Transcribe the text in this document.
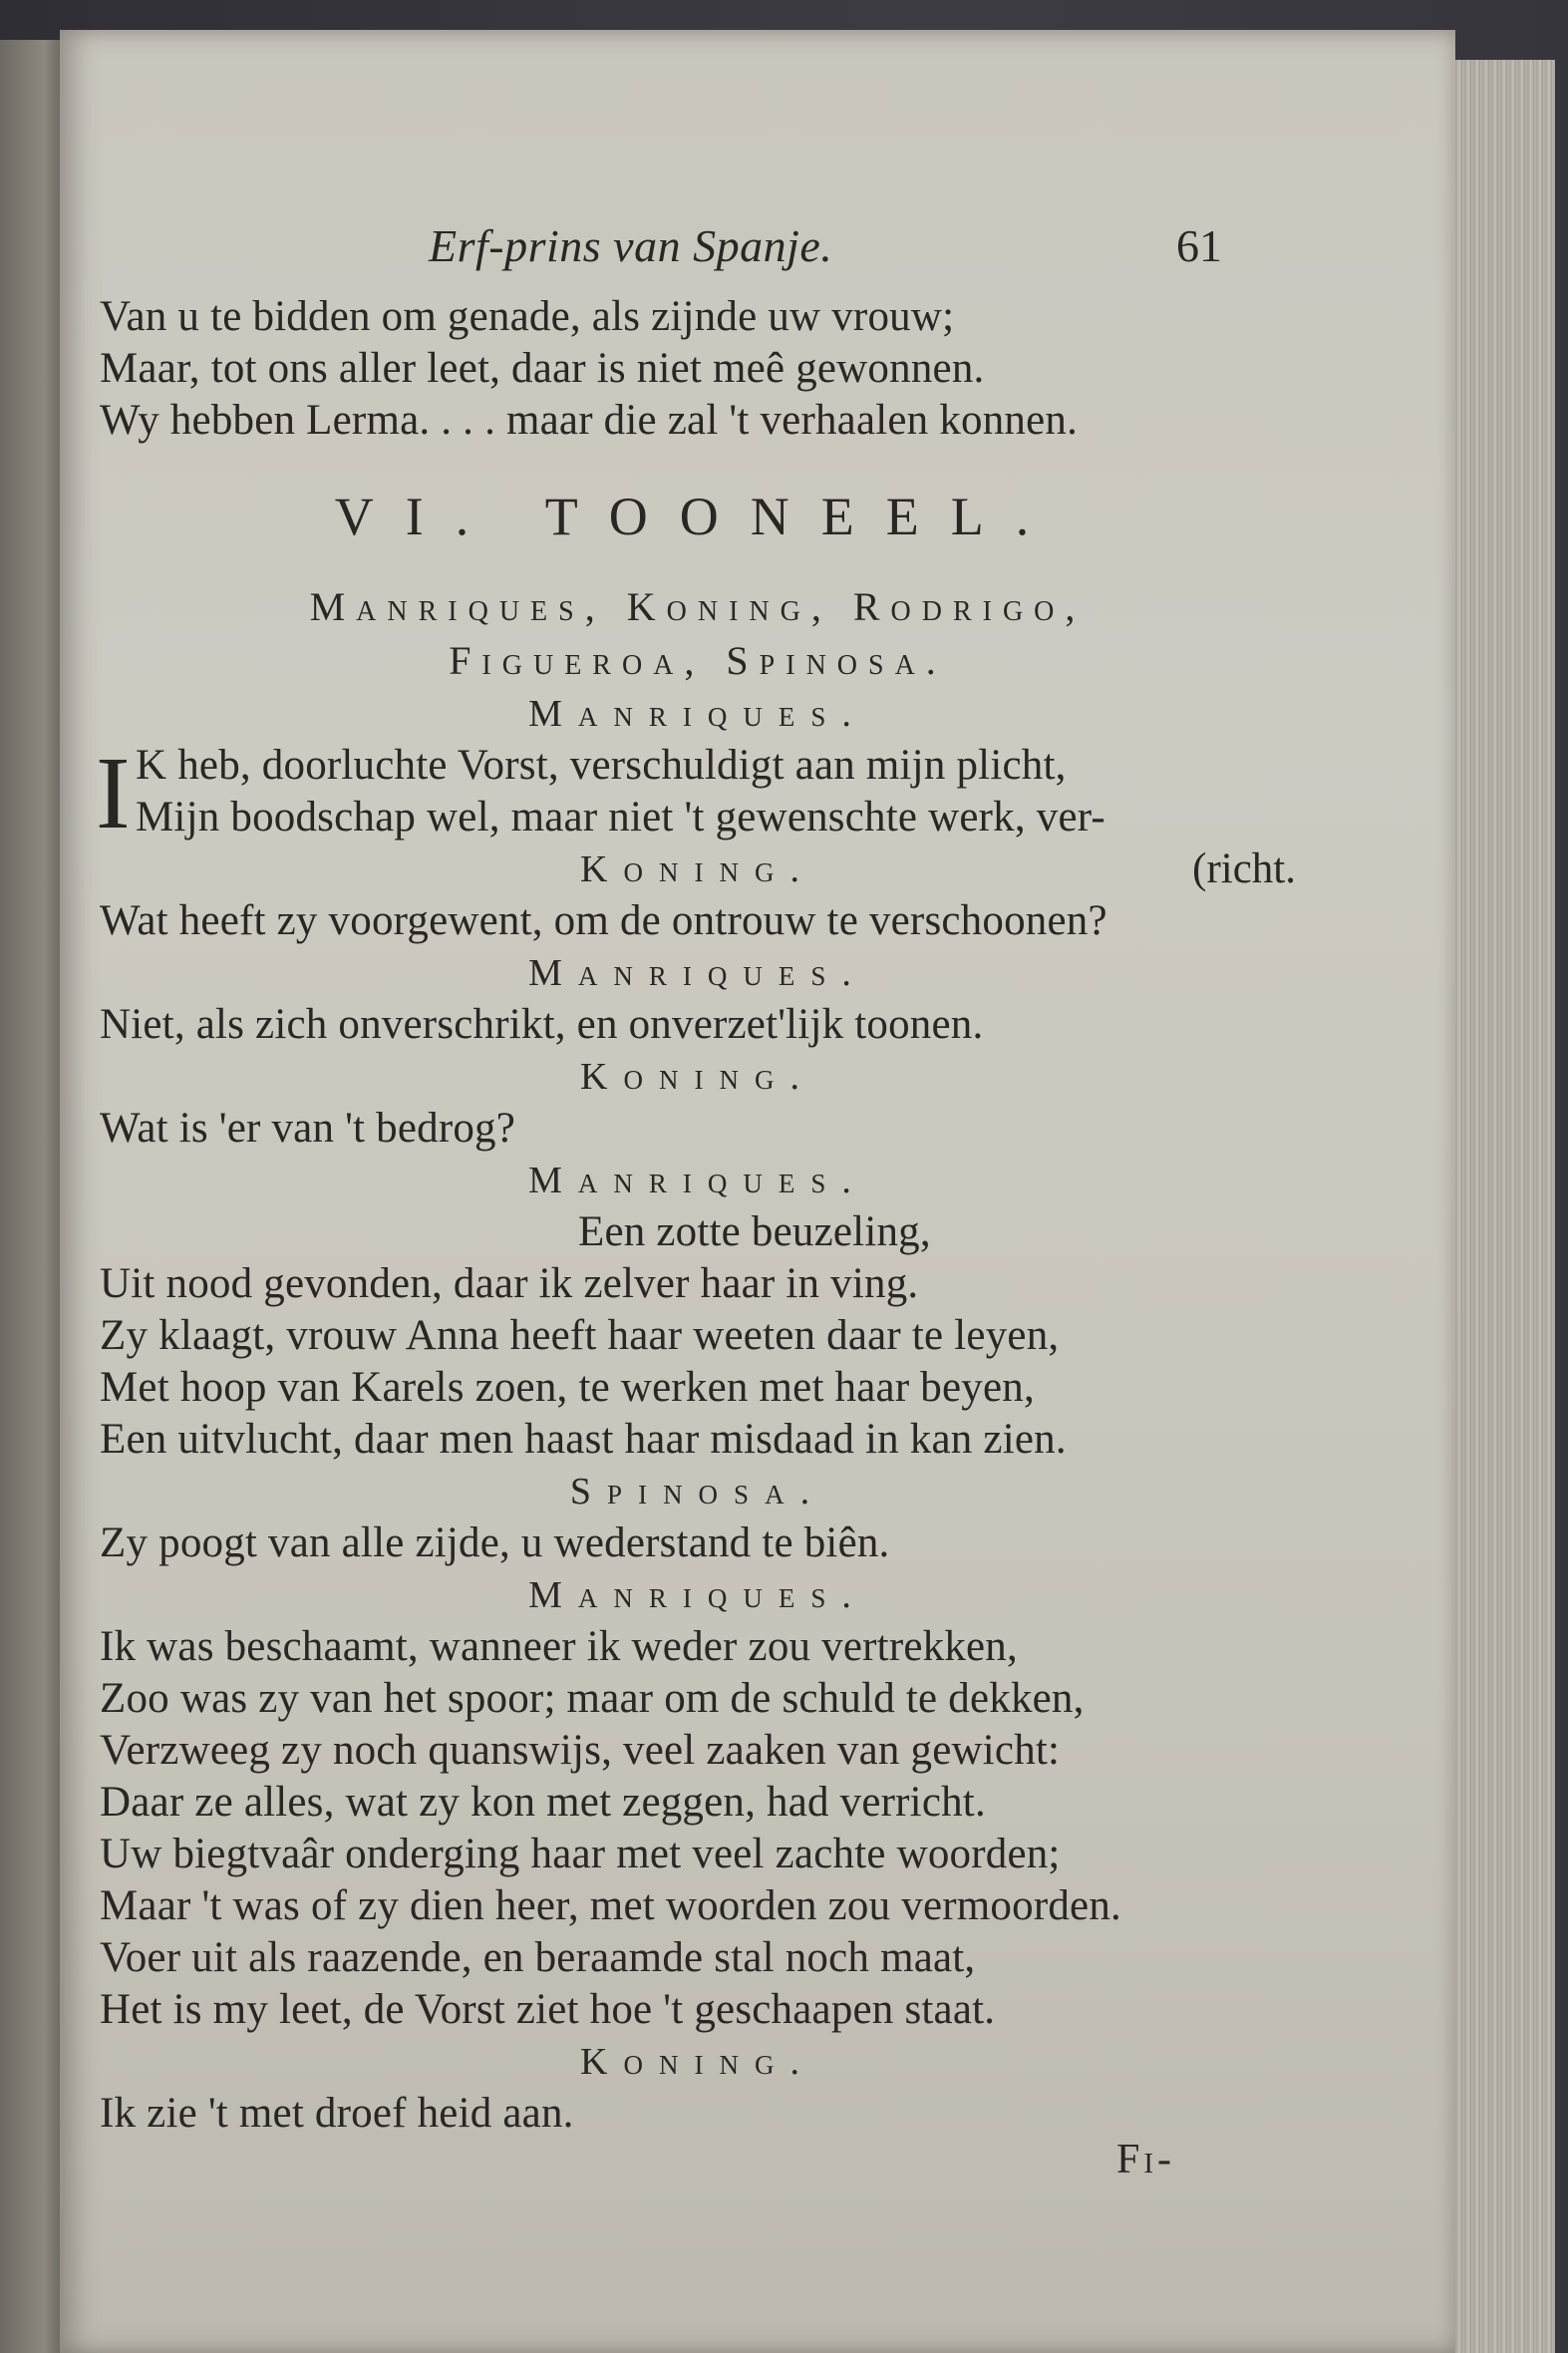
Erf-prins van Spanje.	61
Van u te bidden om genade, als zijnde uw vrouw;
Maar, tot ons aller leet, daar is niet meê gewonnen.
Wy hebben Lerma. . . . maar die zal 't verhaalen konnen.
VI. TOONEEL.
Manriques, Koning, Rodrigo,
Figueroa, Spinosa.
Manriques.
I K heb, doorluchte Vorst, verschuldigt aan mijn plicht,
Mijn boodschap wel, maar niet 't gewenschte werk, ver-
Koning.	(richt.
Wat heeft zy voorgewent, om de ontrouw te verschoonen?
Manriques.
Niet, als zich onverschrikt, en onverzet'lijk toonen.
Koning.
Wat is 'er van 't bedrog?
Manriques.
Een zotte beuzeling,
Uit nood gevonden, daar ik zelver haar in ving.
Zy klaagt, vrouw Anna heeft haar weeten daar te leyen,
Met hoop van Karels zoen, te werken met haar beyen,
Een uitvlucht, daar men haast haar misdaad in kan zien.
Spinosa.
Zy poogt van alle zijde, u wederstand te biên.
Manriques.
Ik was beschaamt, wanneer ik weder zou vertrekken,
Zoo was zy van het spoor; maar om de schuld te dekken,
Verzweeg zy noch quanswijs, veel zaaken van gewicht:
Daar ze alles, wat zy kon met zeggen, had verricht.
Uw biegtvaâr onderging haar met veel zachte woorden;
Maar 't was of zy dien heer, met woorden zou vermoorden.
Voer uit als raazende, en beraamde stal noch maat,
Het is my leet, de Vorst ziet hoe 't geschaapen staat.
Koning.
Ik zie 't met droef heid aan.
Fi-
